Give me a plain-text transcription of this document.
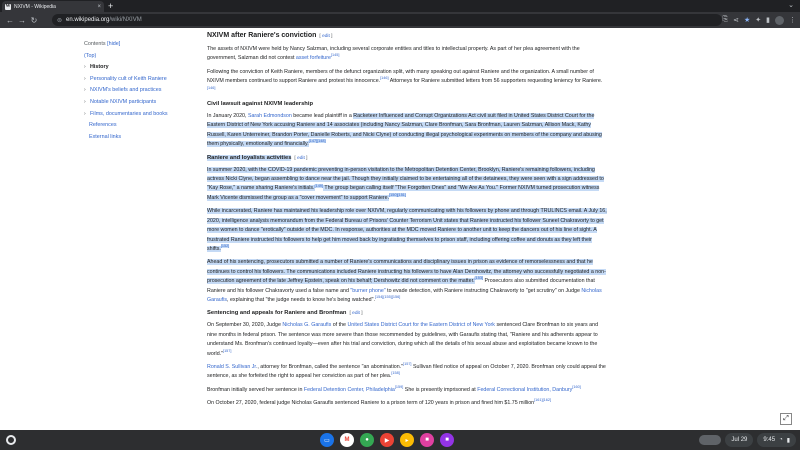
W NXIVM - Wikipedia	× +	⌄
← → ↻	⊜ en.wikipedia.org/wiki/NXIVM	⎘ ⋖ ★ ✦ ▮	⋮
Contents [hide]
(Top)
› History
› Personality cult of Keith Raniere
› NXIVM's beliefs and practices
› Notable NXIVM participants
› Films, documentaries and books
References
External links
NXIVM after Raniere's conviction [ edit ]

The assets of NXIVM were held by Nancy Salzman, including several corporate entities and titles to intellectual property. As part of her plea agreement with the government, Salzman did not contest asset forfeiture[145]

Following the conviction of Keith Raniere, members of the defunct organization split, with many speaking out against Raniere and the organization. A small number of NXIVM members continued to support Raniere and protest his innocence.[146] Attorneys for Raniere submitted letters from 56 supporters requesting leniency for Raniere.[146]

Civil lawsuit against NXIVM leadership

In January 2020, Sarah Edmondson became lead plaintiff in a Racketeer Influenced and Corrupt Organizations Act civil suit filed in United States District Court for the Eastern District of New York accusing Raniere and 14 associates (including Nancy Salzman, Clare Bronfman, Sara Bronfman, Lauren Salzman, Allison Mack, Kathy Russell, Karen Unterreiner, Brandon Porter, Danielle Roberts, and Nicki Clyne) of conducting illegal psychological experiments on members of the company and abusing them physically, emotionally and financially.[147][148]

Raniere and loyalists activities [ edit ]

In summer 2020, with the COVID-19 pandemic preventing in-person visitation to the Metropolitan Detention Center, Brooklyn, Raniere's remaining followers, including actress Nicki Clyne, began assembling to dance near the jail. Though they initially claimed to be entertaining all of the detainees, they were seen with a sign addressed to "Kay Rose," a name sharing Raniere's initials.[149] The group began calling itself "The Forgotten Ones" and "We Are As You." Former NXIVM turned prosecution witness Mark Vicente dismissed the group as a "cover movement" to support Raniere.[150][151]

While incarcerated, Raniere has maintained his leadership role over NXIVM, regularly communicating with his followers by phone and through TRULINCS email. A July 16, 2020, intelligence analysis memorandum from the Federal Bureau of Prisons' Counter Terrorism Unit states that Raniere instructed his follower Suneel Chakravorty to get more women to dance "erotically" outside of the MDC. In response, authorities at the MDC moved Raniere to another unit to keep the dancers out of his line of sight. A frustrated Raniere instructed his followers to help get him moved back by ingratiating themselves to prison staff, including offering coffee and donuts as they left their shifts.[152]

Ahead of his sentencing, prosecutors submitted a number of Raniere's communications and disciplinary issues in prison as evidence of remorselessness and that he continues to control his followers. The communications included Raniere instructing his followers to have Alan Dershowitz, the attorney who successfully negotiated a non-prosecution agreement of the late Jeffrey Epstein, speak on his behalf; Dershowitz did not comment on the matter.[153] Prosecutors also submitted documentation that Raniere and his follower Chakravorty used a false name and "burner phone" to evade detection, with Raniere instructing Chakravorty to "get scrutiny" on Judge Nicholas Garaufis, explaining that "the judge needs to know he's being watched".[154][155][156]

Sentencing and appeals for Raniere and Bronfman [ edit ]

On September 30, 2020, Judge Nicholas G. Garaufis of the United States District Court for the Eastern District of New York sentenced Clare Bronfman to six years and nine months in federal prison. The sentence was more severe than those recommended by guidelines, with Garaufis stating that, "Raniere and his adherents appear to understand Ms. Bronfman's continued loyalty—even after his trial and conviction, during which all the details of his sexual abuse and exploitation became known to the world."[157]

Ronald S. Sullivan Jr., attorney for Bronfman, called the sentence "an abomination."[157] Sullivan filed notice of appeal on October 7, 2020. Bronfman only could appeal the sentence, as she forfeited the right to appeal her conviction as part of her plea.[158]

Bronfman initially served her sentence in Federal Detention Center, Philadelphia[159] She is presently imprisoned at Federal Correctional Institution, Danbury[160]

On October 27, 2020, federal judge Nicholas Garaufis sentenced Raniere to a prison term of 120 years in prison and fined him $1.75 million[161][162]

⤢
▭	M	●	▶	▸	■	■	Jul 29	9:45 ◔ ▮
